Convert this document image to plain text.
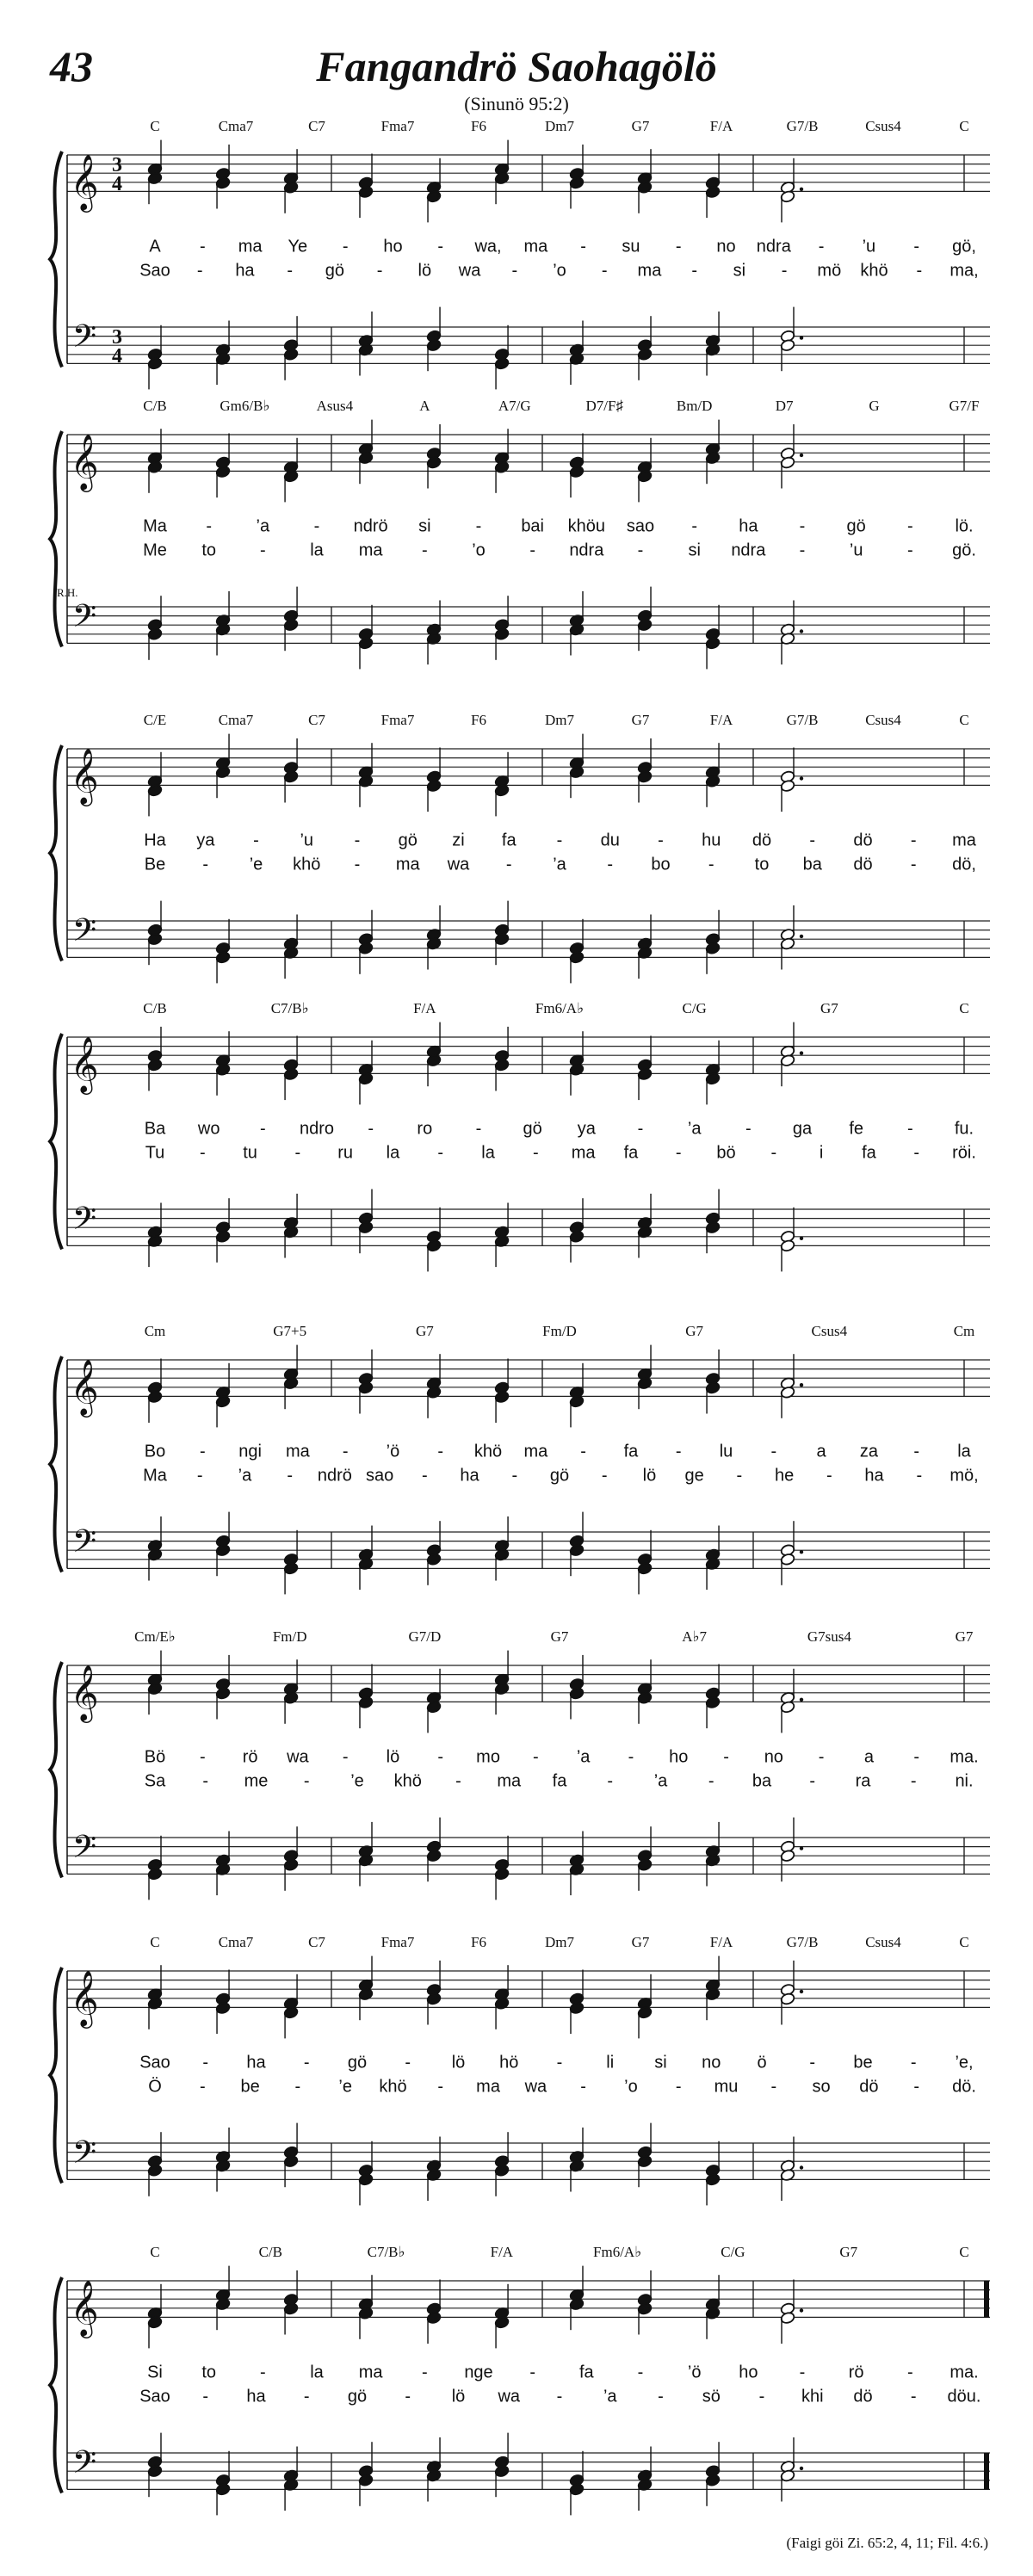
43	Fangandrö Saohagölö
(Sinunö 95:2)
𝄞
𝄢
3
4
3
4
C	Cma7	C7	Fma7	F6	Dm7	G7	F/A	G7/B	Csus4	C
A - ma Ye - ho - wa, ma - su - no ndra - ’u - gö,
Sao - ha - gö - lö wa - ’o - ma - si - mö khö - ma,
𝄞
𝄢
R.H.
C/B	Gm6/B♭	Asus4	A	A7/G	D7/F♯	Bm/D	D7	G	G7/F
Ma -	’a	- ndrö si	- bai khöu sao - ha - gö - lö.
Me to	-	la ma -	’o	- ndra -	si ndra -	’u	- gö.
𝄞
𝄢
C/E	Cma7	C7	Fma7	F6	Dm7	G7	F/A	G7/B	Csus4	C
Ha ya - ’u - gö zi fa - du - hu dö - dö - ma
Be - ’e khö - ma wa - ’a - bo - to ba dö - dö,
𝄞
𝄢
C/B	C7/B♭	F/A	Fm6/A♭	C/G	G7	C
Ba wo - ndro -	ro	- gö ya -	’a	- ga fe	- fu.
Tu - tu - ru la - la - ma fa - bö - i fa - röi.
𝄞
𝄢
Cm	G7+5	G7	Fm/D	G7	Csus4	Cm
Bo - ngi ma - ’ö - khö ma - fa - lu - a za - la
Ma - ’a - ndrö sao - ha - gö - lö ge - he - ha - mö,
𝄞
𝄢
Cm/E♭	Fm/D	G7/D	G7	A♭7	G7sus4	G7
Bö - rö wa - lö - mo - ’a - ho - no - a - ma.
Sa - me - ’e khö - ma fa - ’a - ba - ra - ni.
𝄞
𝄢
C	Cma7	C7	Fma7	F6	Dm7	G7	F/A	G7/B	Csus4	C
Sao - ha - gö - lö hö -	li si no ö - be - ’e,
Ö - be - ’e khö - ma wa - ’o - mu - so dö - dö.
𝄞
𝄢
C	C/B	C7/B♭	F/A	Fm6/A♭	C/G	G7	C
Si to	-	la ma - nge -	fa	-	’ö ho -	rö	- ma.
Sao - ha - gö - lö wa - ’a - sö - khi dö - döu.
(Faigi göi Zi. 65:2, 4, 11; Fil. 4:6.)
